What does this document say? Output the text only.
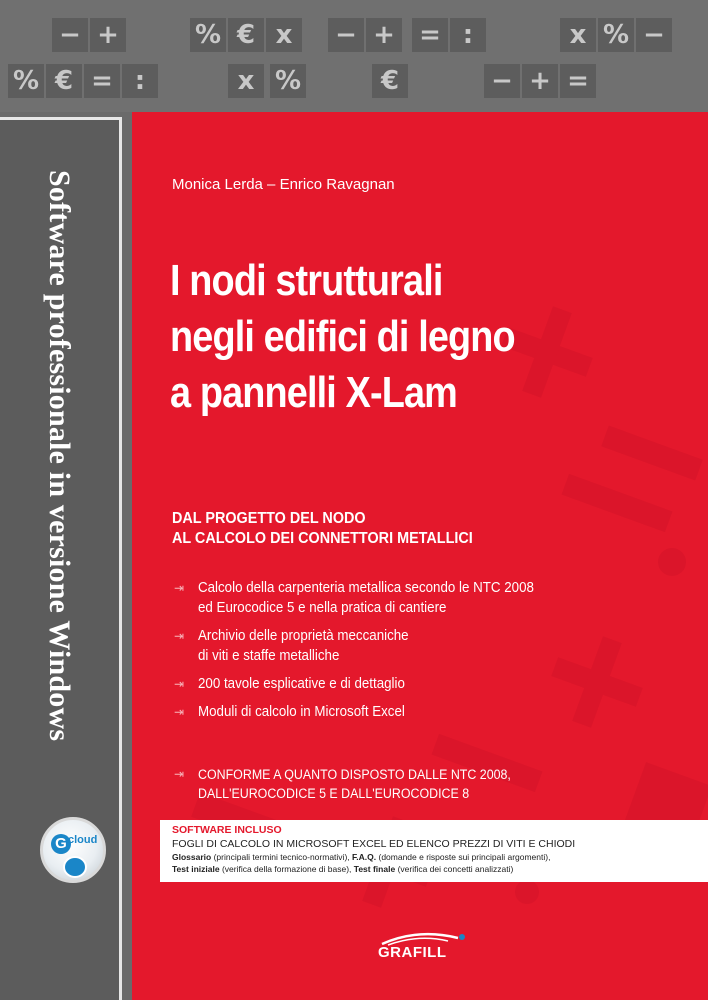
− +	% € x	− + = :	x % −
% € = :	x %	€	− + =
Software professionale in versione Windows
G cloud
Monica Lerda – Enrico Ravagnan
I nodi strutturali
negli edifici di legno
a pannelli X-Lam
DAL PROGETTO DEL NODO
AL CALCOLO DEI CONNETTORI METALLICI
⇥ Calcolo della carpenteria metallica secondo le NTC 2008
ed Eurocodice 5 e nella pratica di cantiere
⇥ Archivio delle proprietà meccaniche
di viti e staffe metalliche
⇥ 200 tavole esplicative e di dettaglio
⇥ Moduli di calcolo in Microsoft Excel
⇥ CONFORME A QUANTO DISPOSTO DALLE NTC 2008,
DALL'EUROCODICE 5 E DALL'EUROCODICE 8
SOFTWARE INCLUSO
FOGLI DI CALCOLO IN MICROSOFT EXCEL ED ELENCO PREZZI DI VITI E CHIODI
Glossario (principali termini tecnico-normativi), F.A.Q. (domande e risposte sui principali argomenti),
Test iniziale (verifica della formazione di base), Test finale (verifica dei concetti analizzati)
GRAFILL
